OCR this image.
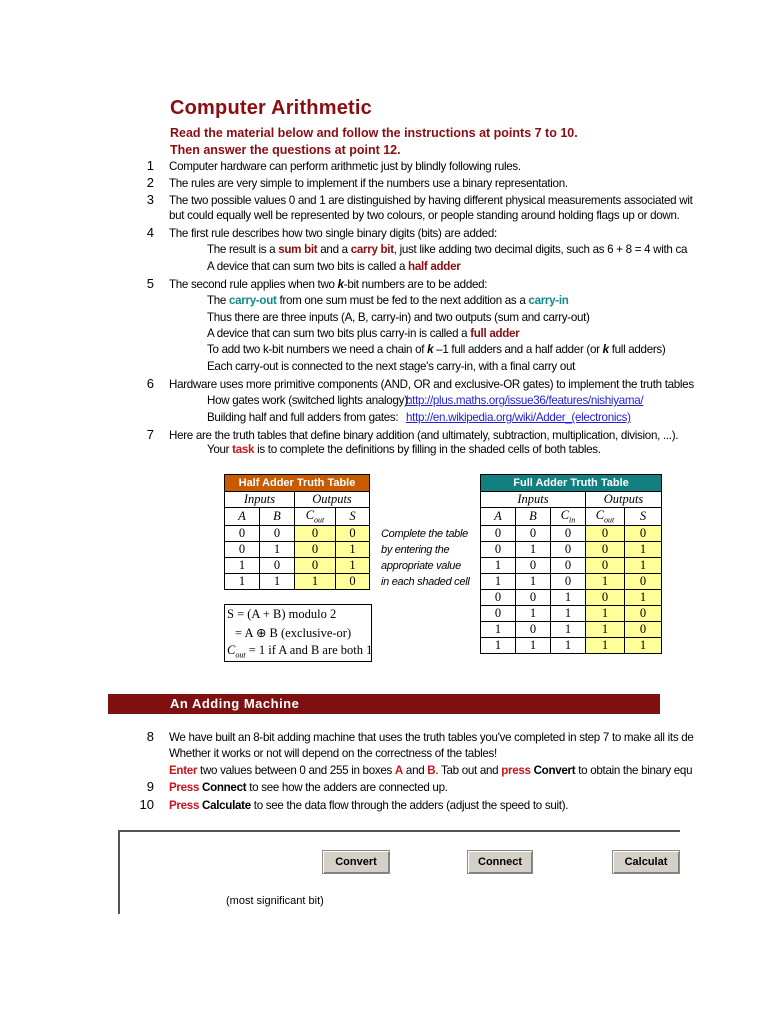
Computer Arithmetic
Read the material below and follow the instructions at points 7 to 10.
Then answer the questions at point 12.
1 Computer hardware can perform arithmetic just by blindly following rules.
2 The rules are very simple to implement if the numbers use a binary representation.
3 The two possible values 0 and 1 are distinguished by having different physical measurements associated wit
but could equally well be represented by two colours, or people standing around holding flags up or down.
4 The first rule describes how two single binary digits (bits) are added:
The result is a sum bit and a carry bit, just like adding two decimal digits, such as 6 + 8 = 4 with ca
A device that can sum two bits is called a half adder
5 The second rule applies when two k-bit numbers are to be added:
The carry-out from one sum must be fed to the next addition as a carry-in
Thus there are three inputs (A, B, carry-in) and two outputs (sum and carry-out)
A device that can sum two bits plus carry-in is called a full adder
To add two k-bit numbers we need a chain of k –1 full adders and a half adder (or k full adders)
Each carry-out is connected to the next stage's carry-in, with a final carry out
6 Hardware uses more primitive components (AND, OR and exclusive-OR gates) to implement the truth tables
How gates work (switched lights analogy):
http://plus.maths.org/issue36/features/nishiyama/
Building half and full adders from gates: http://en.wikipedia.org/wiki/Adder_(electronics)
7 Here are the truth tables that define binary addition (and ultimately, subtraction, multiplication, division, ...).
Your task is to complete the definitions by filling in the shaded cells of both tables.
Half Adder Truth Table			
Inputs		Outputs	
A	B	$C_{out}$	S
0	0	0	0
0	1	0	1
1	0	0	1
1	1	1	0
Complete the table
by entering the
appropriate value
in each shaded cell
S = (A + B) modulo 2
= A ⊕ B (exclusive-or)
$C_{out} = 1$ if A and B are both 1
Full Adder Truth Table				
Inputs			Outputs	
A	B	$C_{in}$	$C_{out}$	S
0	0	0	0	0
0	1	0	0	1
1	0	0	0	1
1	1	0	1	0
0	0	1	0	1
0	1	1	1	0
1	0	1	1	0
1	1	1	1	1
An Adding Machine
8 We have built an 8-bit adding machine that uses the truth tables you've completed in step 7 to make all its de
Whether it works or not will depend on the correctness of the tables!
Enter two values between 0 and 255 in boxes A and B. Tab out and press Convert to obtain the binary equ
9 Press Connect to see how the adders are connected up.
10 Press Calculate to see the data flow through the adders (adjust the speed to suit).
Convert	Connect	Calculat
(most significant bit)
